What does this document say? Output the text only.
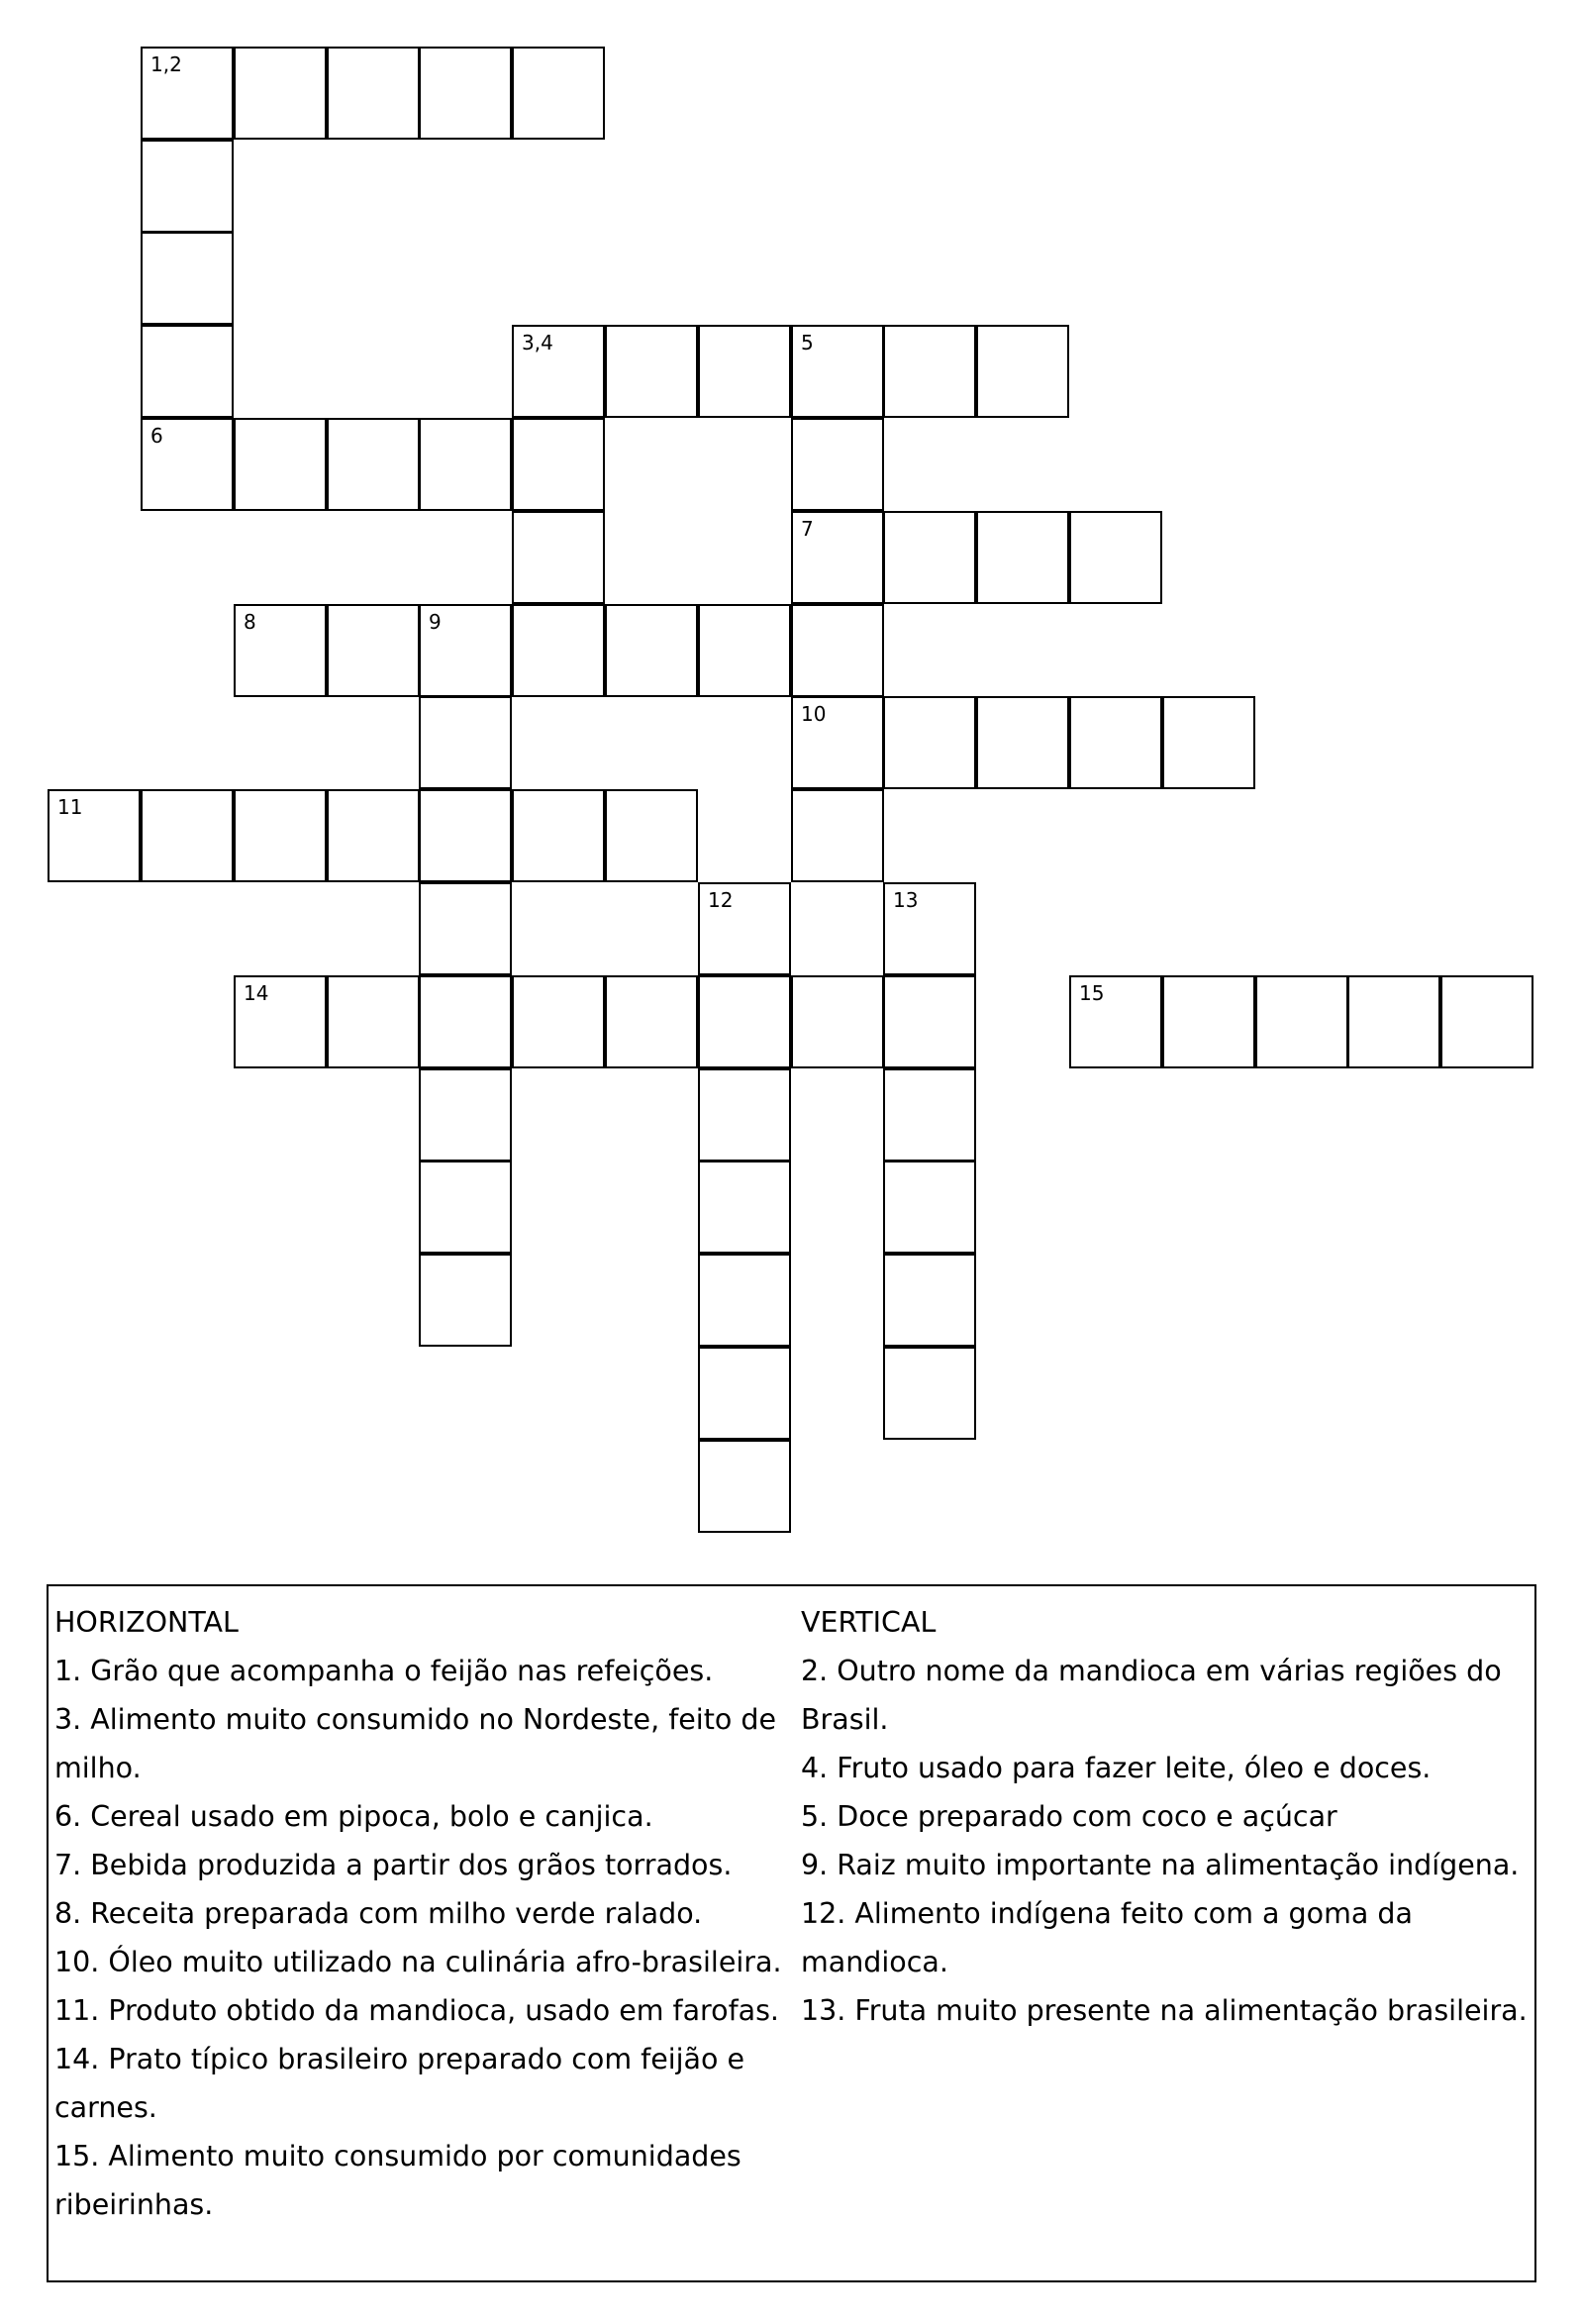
1,2
3,4	5
6
7
8	9
10
11
12	13
14	15

HORIZONTAL

1. Grão que acompanha o feijão nas refeições.

3. Alimento muito consumido no Nordeste, feito de

milho.

6. Cereal usado em pipoca, bolo e canjica.

7. Bebida produzida a partir dos grãos torrados.

8. Receita preparada com milho verde ralado.

10. Óleo muito utilizado na culinária afro-brasileira.

11. Produto obtido da mandioca, usado em farofas.

14. Prato típico brasileiro preparado com feijão e

carnes.

15. Alimento muito consumido por comunidades

ribeirinhas.

VERTICAL

2. Outro nome da mandioca em várias regiões do

Brasil.

4. Fruto usado para fazer leite, óleo e doces.

5. Doce preparado com coco e açúcar

9. Raiz muito importante na alimentação indígena.

12. Alimento indígena feito com a goma da mandioca.

13. Fruta muito presente na alimentação brasileira.
